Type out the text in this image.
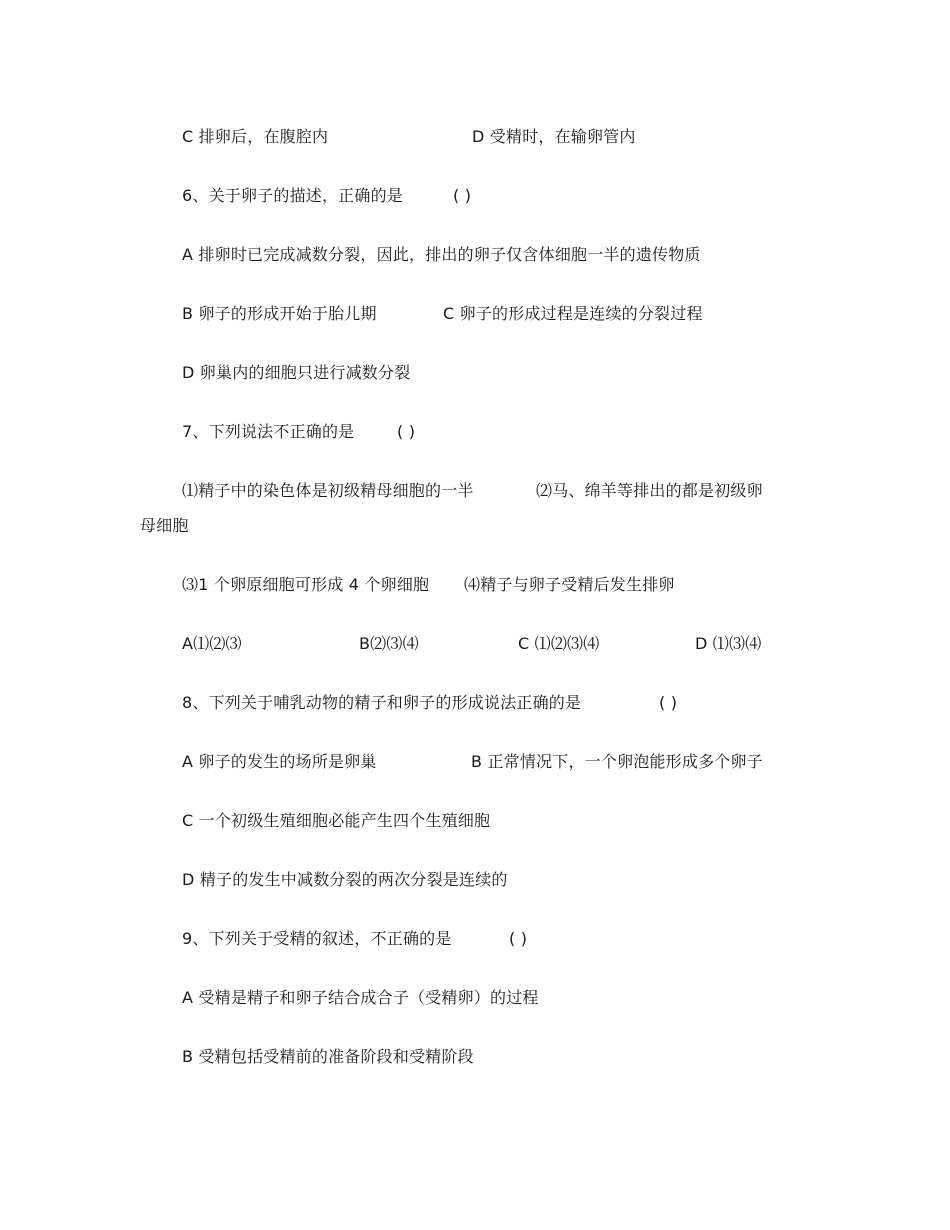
C 排卵后，在腹腔内	D 受精时，在输卵管内
6、关于卵子的描述，正确的是	( )
A 排卵时已完成减数分裂，因此，排出的卵子仅含体细胞一半的遗传物质
B 卵子的形成开始于胎儿期	C 卵子的形成过程是连续的分裂过程
D 卵巢内的细胞只进行减数分裂
7、下列说法不正确的是	( )
⑴精子中的染色体是初级精母细胞的一半	⑵马、绵羊等排出的都是初级卵
母细胞
⑶1 个卵原细胞可形成 4 个卵细胞 ⑷精子与卵子受精后发生排卵
A⑴⑵⑶	B⑵⑶⑷	C ⑴⑵⑶⑷	D ⑴⑶⑷
8、下列关于哺乳动物的精子和卵子的形成说法正确的是	( )
A 卵子的发生的场所是卵巢	B 正常情况下，一个卵泡能形成多个卵子
C 一个初级生殖细胞必能产生四个生殖细胞
D 精子的发生中减数分裂的两次分裂是连续的
9、下列关于受精的叙述，不正确的是	( )
A 受精是精子和卵子结合成合子（受精卵）的过程
B 受精包括受精前的准备阶段和受精阶段
